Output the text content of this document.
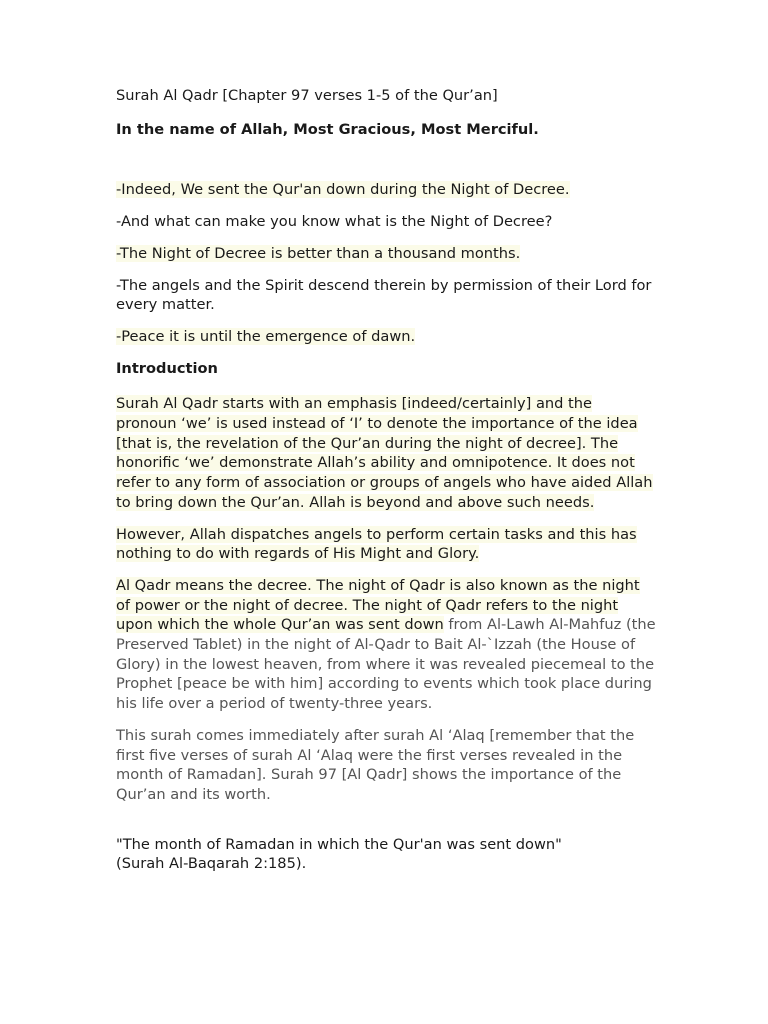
Surah Al Qadr [Chapter 97 verses 1-5 of the Qur’an]

In the name of Allah, Most Gracious, Most Merciful.

-Indeed, We sent the Qur'an down during the Night of Decree.

-And what can make you know what is the Night of Decree?

-The Night of Decree is better than a thousand months.

-The angels and the Spirit descend therein by permission of their Lord for every matter.

-Peace it is until the emergence of dawn.

Introduction

Surah Al Qadr starts with an emphasis [indeed/certainly] and the pronoun ‘we’ is used instead of ‘I’ to denote the importance of the idea [that is, the revelation of the Qur’an during the night of decree]. The honorific ‘we’ demonstrate Allah’s ability and omnipotence. It does not refer to any form of association or groups of angels who have aided Allah to bring down the Qur’an. Allah is beyond and above such needs.

However, Allah dispatches angels to perform certain tasks and this has nothing to do with regards of His Might and Glory.

Al Qadr means the decree. The night of Qadr is also known as the night of power or the night of decree. The night of Qadr refers to the night upon which the whole Qur’an was sent down from Al-Lawh Al-Mahfuz (the Preserved Tablet) in the night of Al-Qadr to Bait Al-`Izzah (the House of Glory) in the lowest heaven, from where it was revealed piecemeal to the Prophet [peace be with him] according to events which took place during his life over a period of twenty-three years.

This surah comes immediately after surah Al ‘Alaq [remember that the first five verses of surah Al ‘Alaq were the first verses revealed in the month of Ramadan]. Surah 97 [Al Qadr] shows the importance of the Qur’an and its worth.

"The month of Ramadan in which the Qur'an was sent down"

(Surah Al-Baqarah 2:185).
